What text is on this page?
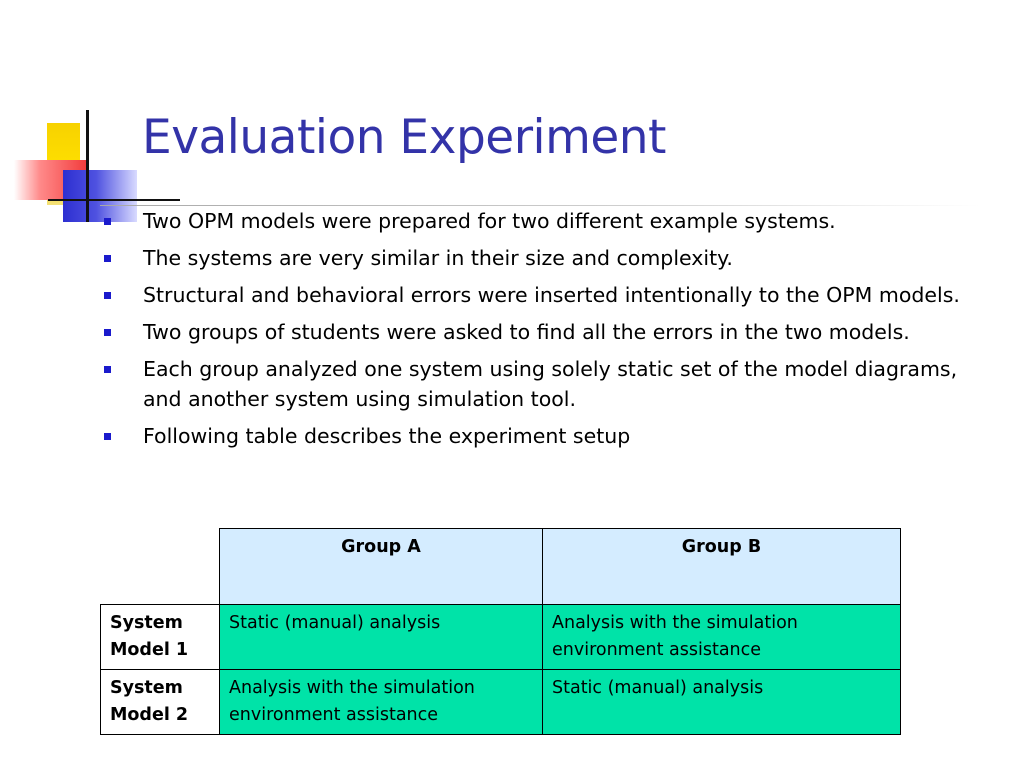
Evaluation Experiment
Two OPM models were prepared for two different example systems.
The systems are very similar in their size and complexity.
Structural and behavioral errors were inserted intentionally to the OPM models.
Two groups of students were asked to find all the errors in the two models.
Each group analyzed one system using solely static set of the model diagrams, and another system using simulation tool.
Following table describes the experiment setup
	Group A	Group B
System Model 1	Static (manual) analysis	Analysis with the simulation environment assistance
System Model 2	Analysis with the simulation environment assistance	Static (manual) analysis
